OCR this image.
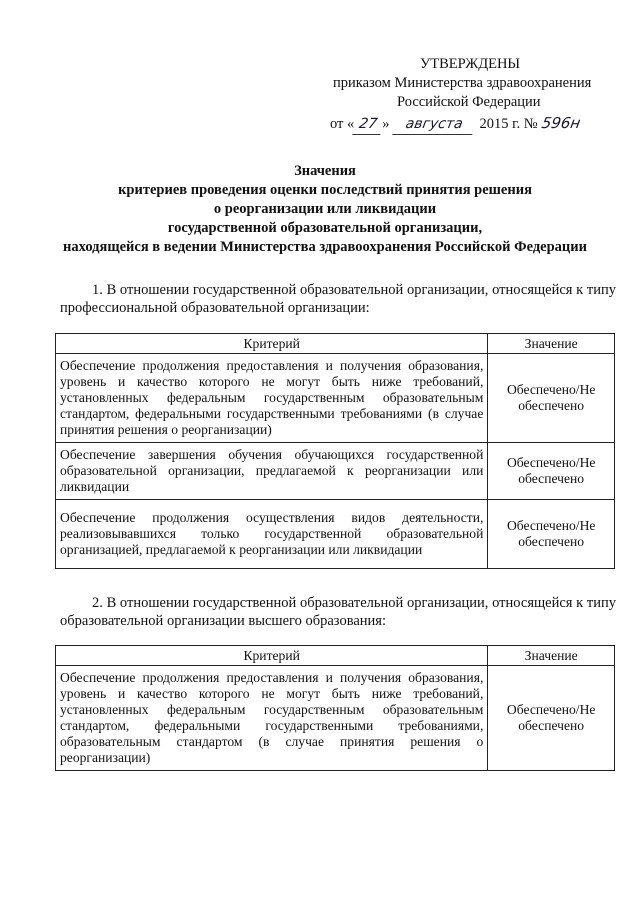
УТВЕРЖДЕНЫ
приказом Министерства здравоохранения
Российской Федерации
от « 27 »	августа	2015 г. № 596н
Значения
критериев проведения оценки последствий принятия решения
о реорганизации или ликвидации
государственной образовательной организации,
находящейся в ведении Министерства здравоохранения Российской Федерации
1. В отношении государственной образовательной организации, относящейся к типу профессиональной образовательной организации:
Критерий	Значение
Обеспечение продолжения предоставления и получения образования, уровень и качество которого не могут быть ниже требований, установленных федеральным государственным образовательным стандартом, федеральными государственными требованиями (в случае принятия решения о реорганизации)	Обеспечено/Не обеспечено
Обеспечение завершения обучения обучающихся государственной образовательной организации, предлагаемой к реорганизации или ликвидации	Обеспечено/Не обеспечено
Обеспечение продолжения осуществления видов деятельности, реализовывавшихся только государственной образовательной организацией, предлагаемой к реорганизации или ликвидации	Обеспечено/Не обеспечено
2. В отношении государственной образовательной организации, относящейся к типу образовательной организации высшего образования:
Критерий	Значение
Обеспечение продолжения предоставления и получения образования, уровень и качество которого не могут быть ниже требований, установленных федеральным государственным образовательным стандартом, федеральными государственными требованиями, образовательным стандартом (в случае принятия решения о реорганизации)	Обеспечено/Не обеспечено
